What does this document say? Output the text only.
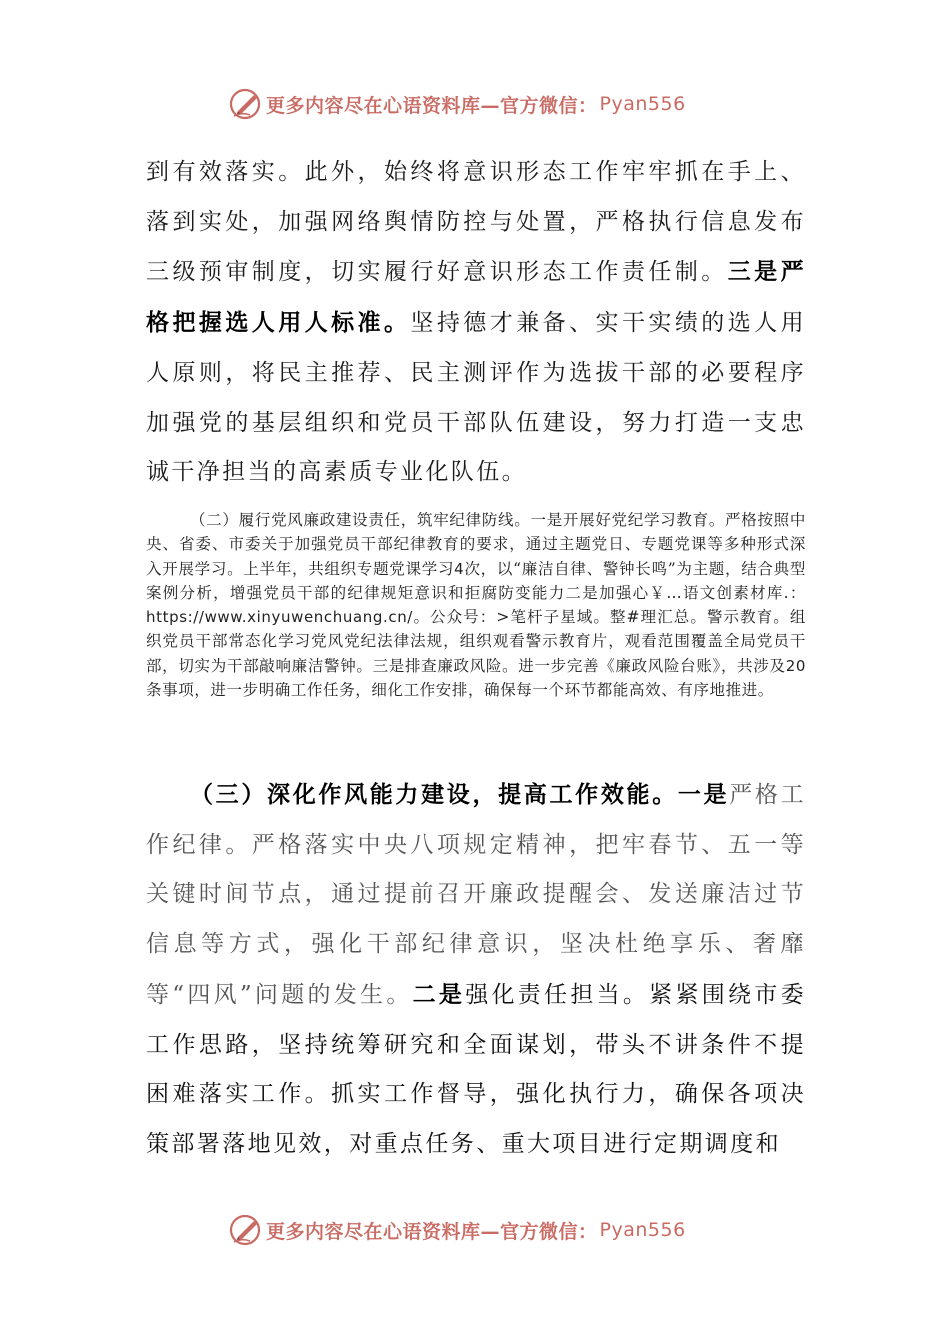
更多内容尽在心语资料库—官方微信： Pyan556

到有效落实。此外，始终将意识形态工作牢牢抓在手上、落到实处，加强网络舆情防控与处置，严格执行信息发布三级预审制度，切实履行好意识形态工作责任制。三是严格把握选人用人标准。坚持德才兼备、实干实绩的选人用人原则，将民主推荐、民主测评作为选拔干部的必要程序加强党的基层组织和党员干部队伍建设，努力打造一支忠诚干净担当的高素质专业化队伍。

（二）履行党风廉政建设责任，筑牢纪律防线。一是开展好党纪学习教育。严格按照中央、省委、市委关于加强党员干部纪律教育的要求，通过主题党日、专题党课等多种形式深入开展学习。上半年，共组织专题党课学习4次，以“廉洁自律、警钟长鸣”为主题，结合典型案例分析，增强党员干部的纪律规矩意识和拒腐防变能力二是加强心￥…语文创素材库.：https://www.xinyuwenchuang.cn/。公众号：>笔杆子星域。整#理汇总。警示教育。组织党员干部常态化学习党风党纪法律法规，组织观看警示教育片，观看范围覆盖全局党员干部，切实为干部敲响廉洁警钟。三是排查廉政风险。进一步完善《廉政风险台账》，共涉及20条事项，进一步明确工作任务，细化工作安排，确保每一个环节都能高效、有序地推进。

（三）深化作风能力建设，提高工作效能。一是严格工作纪律。严格落实中央八项规定精神，把牢春节、五一等关键时间节点，通过提前召开廉政提醒会、发送廉洁过节信息等方式，强化干部纪律意识，坚决杜绝享乐、奢靡等“四风”问题的发生。二是强化责任担当。紧紧围绕市委工作思路，坚持统筹研究和全面谋划，带头不讲条件不提困难落实工作。抓实工作督导，强化执行力，确保各项决策部署落地见效，对重点任务、重大项目进行定期调度和

更多内容尽在心语资料库—官方微信： Pyan556
